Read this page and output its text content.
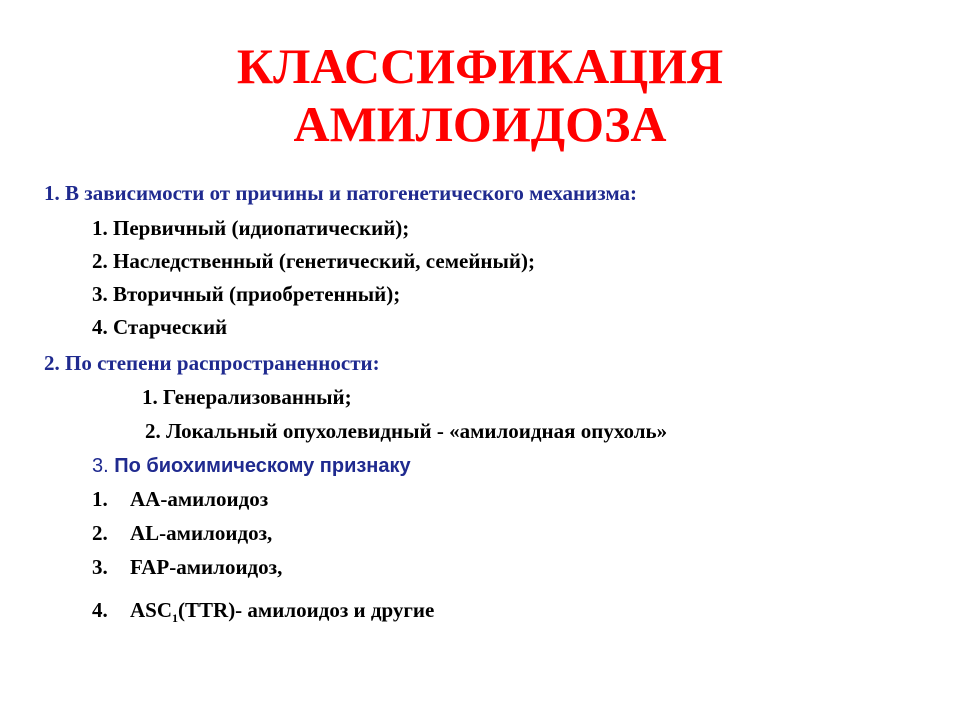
КЛАССИФИКАЦИЯ
АМИЛОИДОЗА

1. В зависимости от причины и патогенетического механизма:

1. Первичный (идиопатический);

2. Наследственный (генетический, семейный);

3. Вторичный (приобретенный);

4. Старческий

2. По степени распространенности:

1. Генерализованный;

2. Локальный опухолевидный - «амилоидная опухоль»

3. По биохимическому признаку

1. АА-амилоидоз

2. AL-амилоидоз,

3. FAP-амилоидоз,

4. $ASC_1(TTR)-$ амилоидоз и другие
